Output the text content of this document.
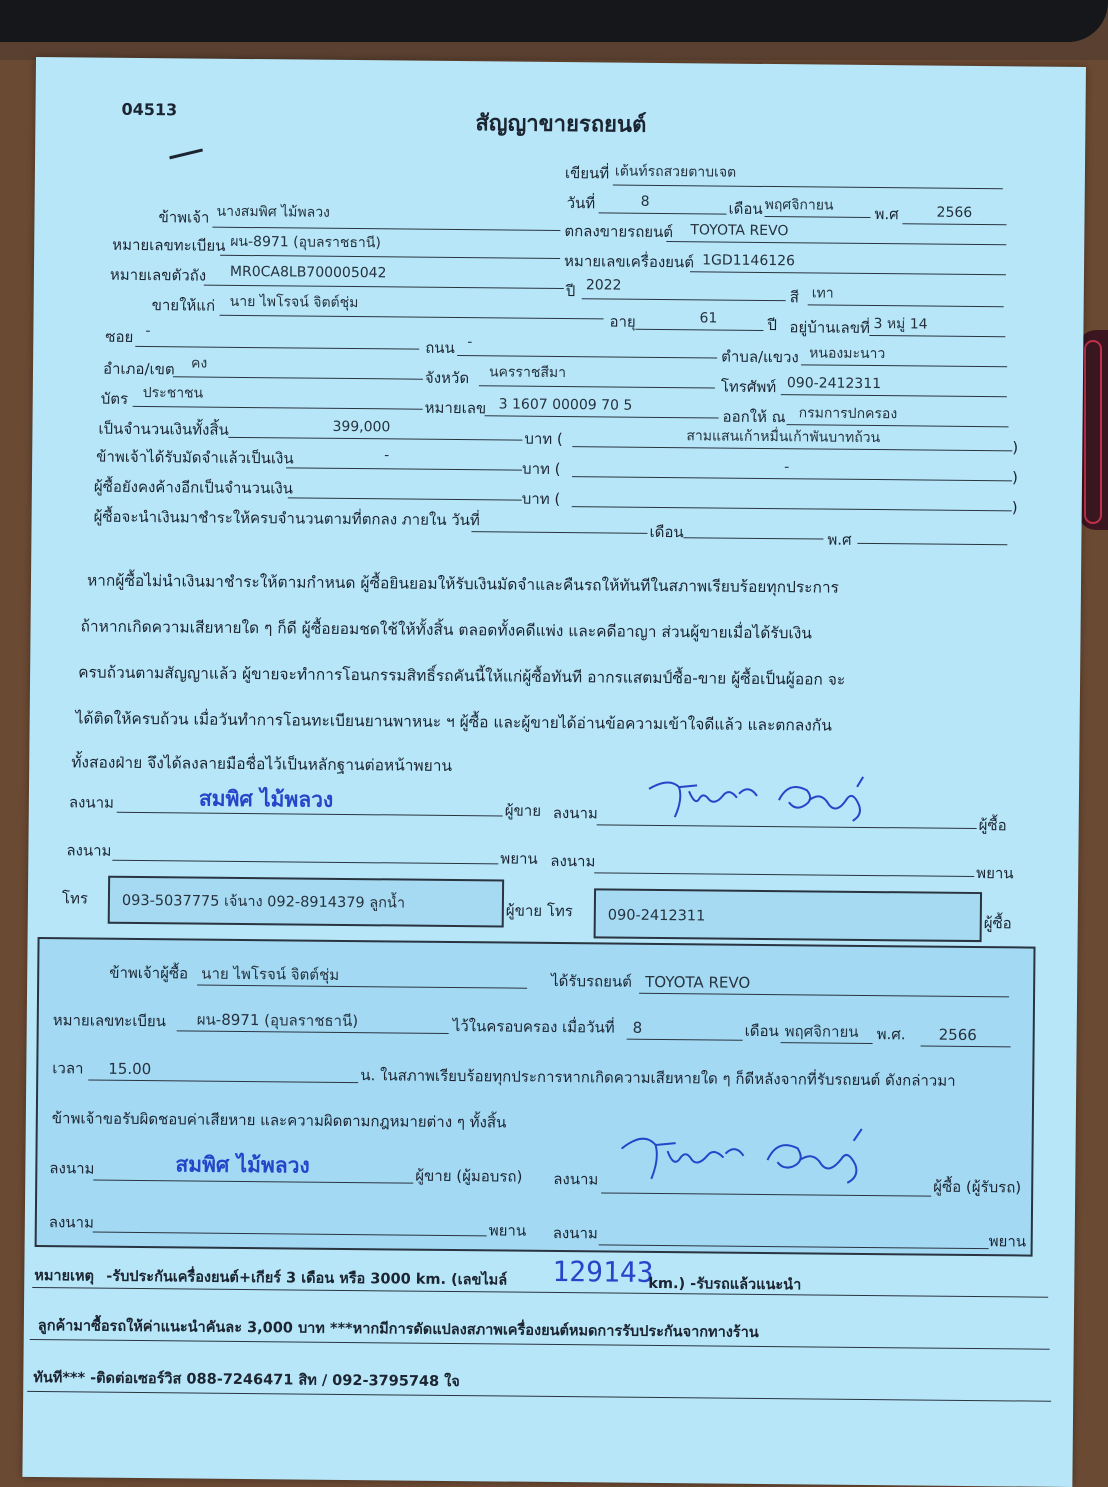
04513
สัญญาขายรถยนต์
เขียนที่ เต้นท์รถสวยตาบเจต
วันที่	8	เดือน พฤศจิกายน	พ.ศ	2566
ข้าพเจ้า นางสมพิศ ไม้พลวง
ตกลงขายรถยนต์ TOYOTA REVO
หมายเลขทะเบียน ผน-8971 (อุบลราชธานี)
หมายเลขเครื่องยนต์ 1GD1146126
หมายเลขตัวถัง MR0CA8LB700005042
ปี 2022
สี เทา
ขายให้แก่ นาย ไพโรจน์ จิตต์ชุ่ม
อายุ	61	ปี อยู่บ้านเลขที่ 3 หมู่ 14
ซอย -
ถนน -
ตำบล/แขวง หนองมะนาว
อำเภอ/เขต คง
จังหวัด นครราชสีมา
โทรศัพท์ 090-2412311
บัตร ประชาชน
หมายเลข 3 1607 00009 70 5
ออกให้ ณ กรมการปกครอง
เป็นจำนวนเงินทั้งสิ้น	399,000
บาท (	สามแสนเก้าหมื่นเก้าพันบาทถ้วน
)
ข้าพเจ้าได้รับมัดจำแล้วเป็นเงิน	-
บาท (	-
)
ผู้ซื้อยังคงค้างอีกเป็นจำนวนเงิน
บาท (	)
ผู้ซื้อจะนำเงินมาชำระให้ครบจำนวนตามที่ตกลง ภายใน วันที่
เดือน	พ.ศ
หากผู้ซื้อไม่นำเงินมาชำระให้ตามกำหนด ผู้ซื้อยินยอมให้รับเงินมัดจำและคืนรถให้ทันทีในสภาพเรียบร้อยทุกประการ
ถ้าหากเกิดความเสียหายใด ๆ ก็ดี ผู้ซื้อยอมชดใช้ให้ทั้งสิ้น ตลอดทั้งคดีแพ่ง และคดีอาญา ส่วนผู้ขายเมื่อได้รับเงิน
ครบถ้วนตามสัญญาแล้ว ผู้ขายจะทำการโอนกรรมสิทธิ์รถคันนี้ให้แก่ผู้ซื้อทันที อากรแสตมป์ซื้อ-ขาย ผู้ซื้อเป็นผู้ออก จะ
ได้ติดให้ครบถ้วน เมื่อวันทำการโอนทะเบียนยานพาหนะ ฯ ผู้ซื้อ และผู้ขายได้อ่านข้อความเข้าใจดีแล้ว และตกลงกัน
ทั้งสองฝ่าย จึงได้ลงลายมือชื่อไว้เป็นหลักฐานต่อหน้าพยาน
ลงนาม	สมพิศ ไม้พลวง	ผู้ขาย ลงนาม
ผู้ซื้อ
ลงนาม	พยาน ลงนาม
พยาน
โทร 093-5037775 เจ้นาง 092-8914379 ลูกน้ำ	ผู้ขาย โทร 090-2412311	ผู้ซื้อ
ข้าพเจ้าผู้ซื้อ นาย ไพโรจน์ จิตต์ชุ่ม	ได้รับรถยนต์ TOYOTA REVO
หมายเลขทะเบียน ผน-8971 (อุบลราชธานี)	ไว้ในครอบครอง เมื่อวันที่ 8	เดือน พฤศจิกายน พ.ศ. 2566
เวลา 15.00	น. ในสภาพเรียบร้อยทุกประการหากเกิดความเสียหายใด ๆ ก็ดีหลังจากที่รับรถยนต์ ดังกล่าวมา
ข้าพเจ้าขอรับผิดชอบค่าเสียหาย และความผิดตามกฎหมายต่าง ๆ ทั้งสิ้น
ลงนาม	สมพิศ ไม้พลวง	ผู้ขาย (ผู้มอบรถ) ลงนาม	ผู้ซื้อ (ผู้รับรถ)
ลงนาม	พยาน ลงนาม	พยาน
หมายเหตุ -รับประกันเครื่องยนต์+เกียร์ 3 เดือน หรือ 3000 km. (เลขไมล์ 129143
km.) -รับรถแล้วแนะนำ
ลูกค้ามาซื้อรถให้ค่าแนะนำคันละ 3,000 บาท ***หากมีการดัดแปลงสภาพเครื่องยนต์หมดการรับประกันจากทางร้าน
ทันที*** -ติดต่อเซอร์วิส 088-7246471 สิท / 092-3795748 ใจ
